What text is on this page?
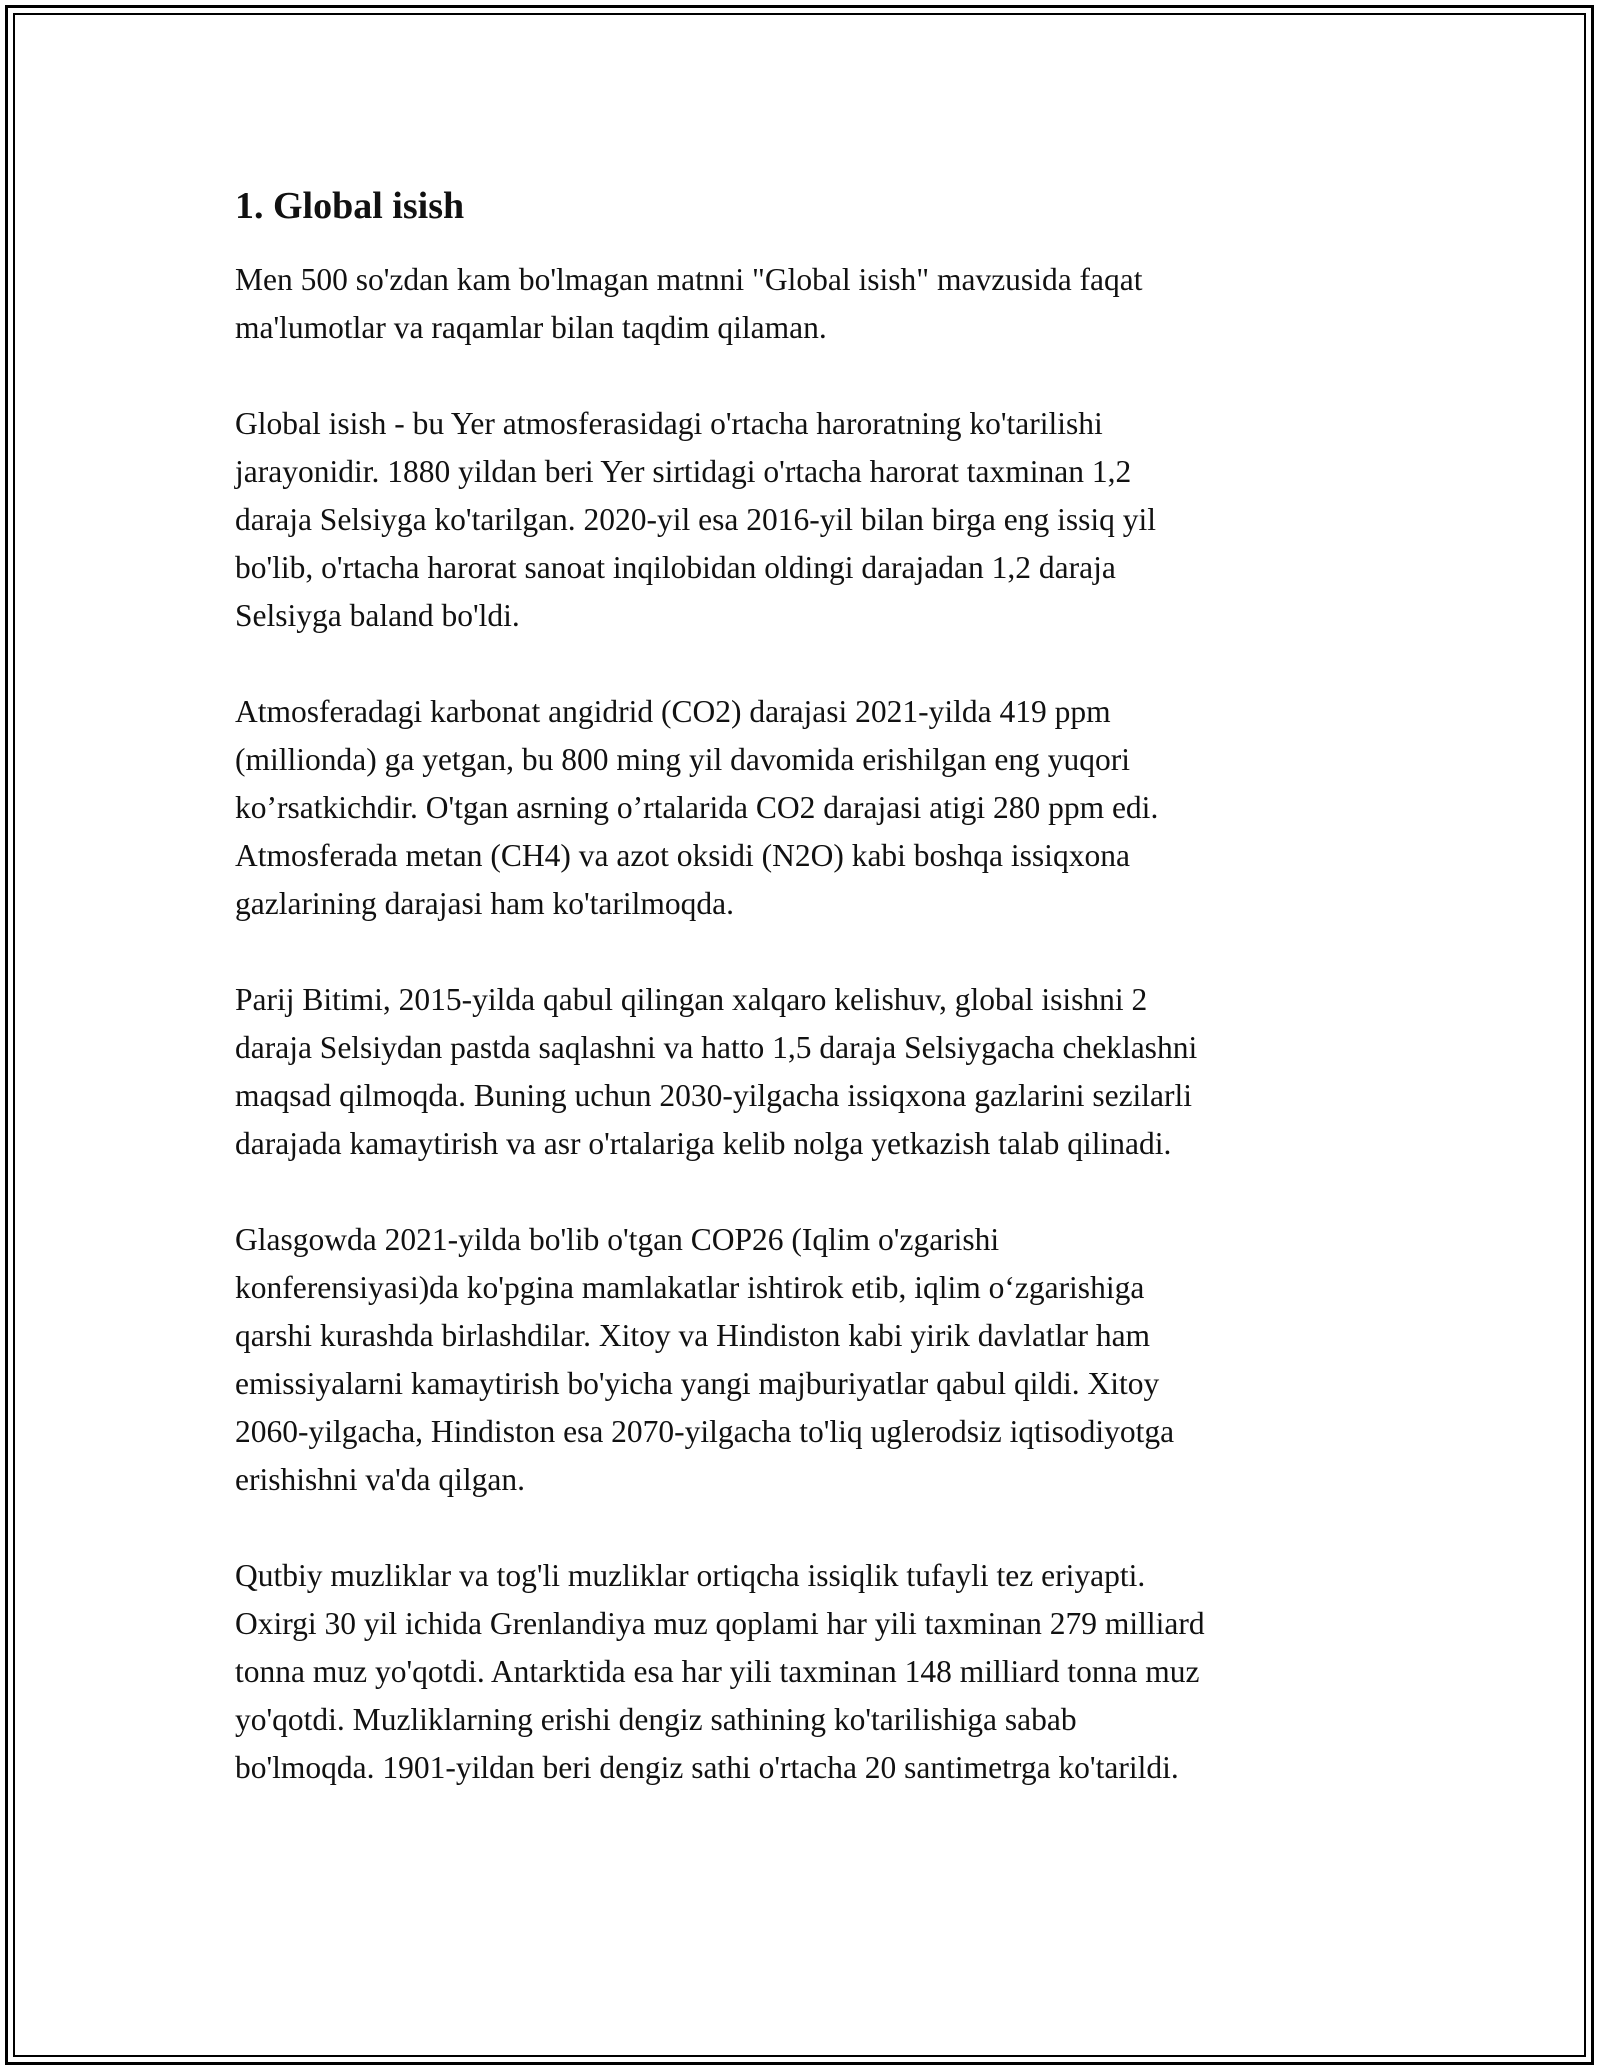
1. Global isish
Men 500 so'zdan kam bo'lmagan matnni "Global isish" mavzusida faqat
ma'lumotlar va raqamlar bilan taqdim qilaman.
Global isish - bu Yer atmosferasidagi o'rtacha haroratning ko'tarilishi
jarayonidir. 1880 yildan beri Yer sirtidagi o'rtacha harorat taxminan 1,2
daraja Selsiyga ko'tarilgan. 2020-yil esa 2016-yil bilan birga eng issiq yil
bo'lib, o'rtacha harorat sanoat inqilobidan oldingi darajadan 1,2 daraja
Selsiyga baland bo'ldi.
Atmosferadagi karbonat angidrid (CO2) darajasi 2021-yilda 419 ppm
(millionda) ga yetgan, bu 800 ming yil davomida erishilgan eng yuqori
ko’rsatkichdir. O'tgan asrning o’rtalarida CO2 darajasi atigi 280 ppm edi.
Atmosferada metan (CH4) va azot oksidi (N2O) kabi boshqa issiqxona
gazlarining darajasi ham ko'tarilmoqda.
Parij Bitimi, 2015-yilda qabul qilingan xalqaro kelishuv, global isishni 2
daraja Selsiydan pastda saqlashni va hatto 1,5 daraja Selsiygacha cheklashni
maqsad qilmoqda. Buning uchun 2030-yilgacha issiqxona gazlarini sezilarli
darajada kamaytirish va asr o'rtalariga kelib nolga yetkazish talab qilinadi.
Glasgowda 2021-yilda bo'lib o'tgan COP26 (Iqlim o'zgarishi
konferensiyasi)da ko'pgina mamlakatlar ishtirok etib, iqlim o‘zgarishiga
qarshi kurashda birlashdilar. Xitoy va Hindiston kabi yirik davlatlar ham
emissiyalarni kamaytirish bo'yicha yangi majburiyatlar qabul qildi. Xitoy
2060-yilgacha, Hindiston esa 2070-yilgacha to'liq uglerodsiz iqtisodiyotga
erishishni va'da qilgan.
Qutbiy muzliklar va tog'li muzliklar ortiqcha issiqlik tufayli tez eriyapti.
Oxirgi 30 yil ichida Grenlandiya muz qoplami har yili taxminan 279 milliard
tonna muz yo'qotdi. Antarktida esa har yili taxminan 148 milliard tonna muz
yo'qotdi. Muzliklarning erishi dengiz sathining ko'tarilishiga sabab
bo'lmoqda. 1901-yildan beri dengiz sathi o'rtacha 20 santimetrga ko'tarildi.
